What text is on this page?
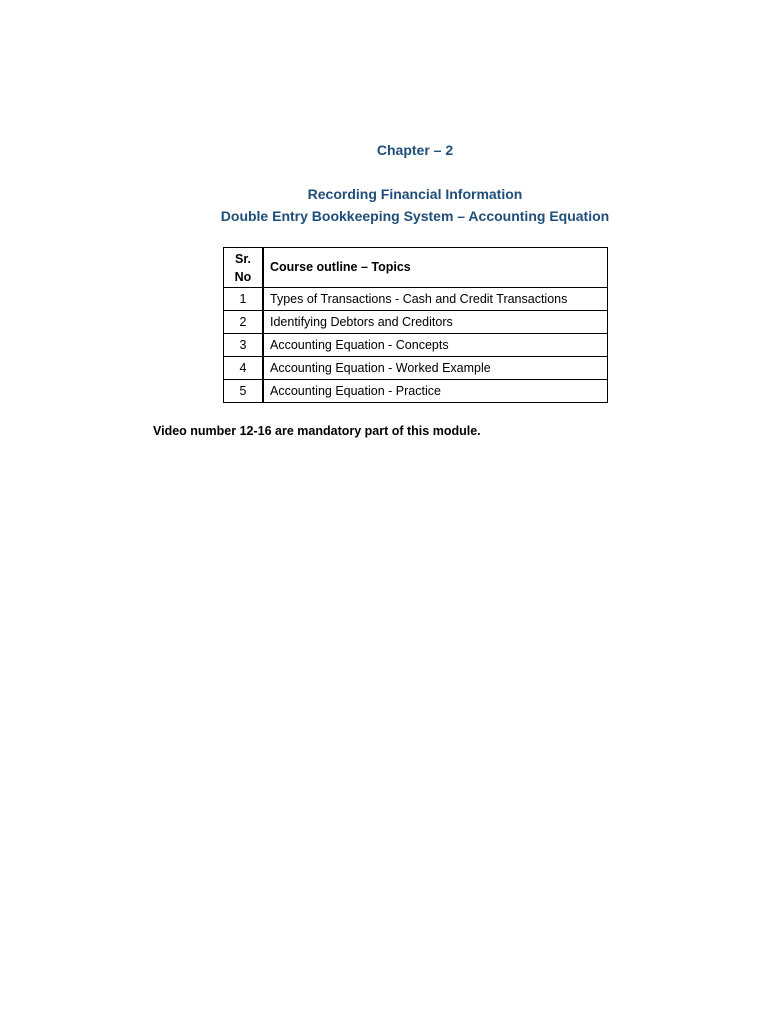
Chapter – 2
Recording Financial Information
Double Entry Bookkeeping System – Accounting Equation
Sr.
No	Course outline – Topics
1	Types of Transactions - Cash and Credit Transactions
2	Identifying Debtors and Creditors
3	Accounting Equation - Concepts
4	Accounting Equation - Worked Example
5	Accounting Equation - Practice
Video number 12-16 are mandatory part of this module.
